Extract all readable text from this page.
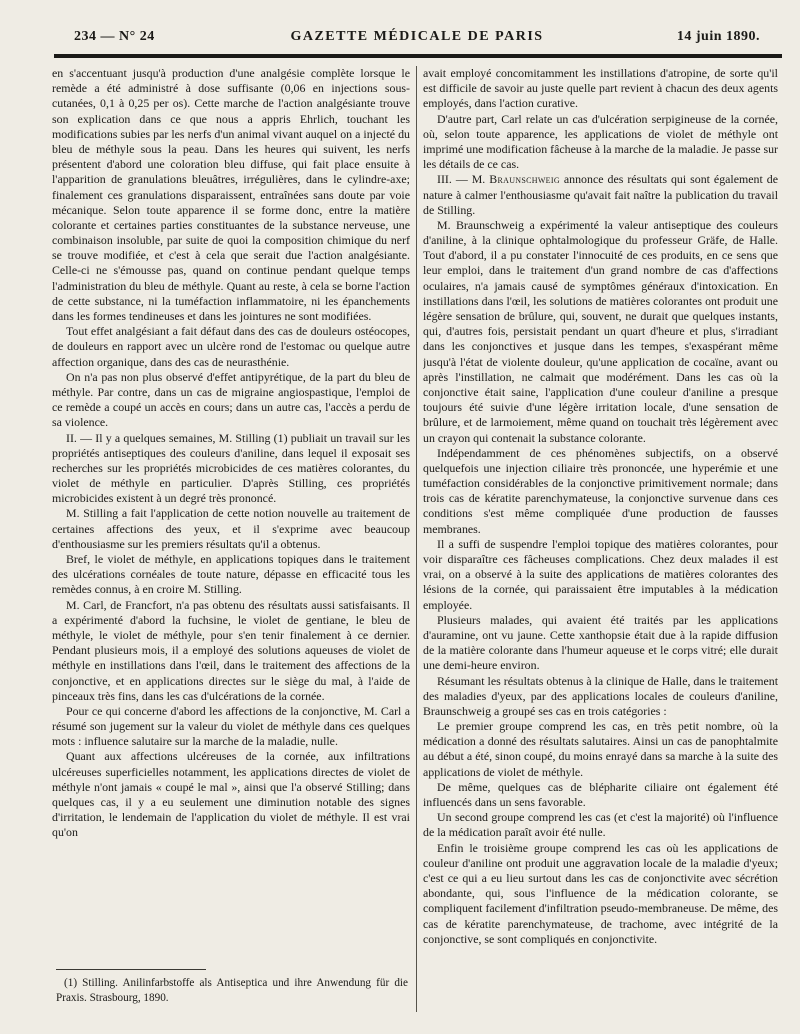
234 — N° 24	GAZETTE MÉDICALE DE PARIS	14 juin 1890.

en s'accentuant jusqu'à production d'une analgésie complète lorsque le remède a été administré à dose suffisante (0,06 en injections sous-cutanées, 0,1 à 0,25 per os). Cette marche de l'action analgésiante trouve son explication dans ce que nous a appris Ehrlich, touchant les modifications subies par les nerfs d'un animal vivant auquel on a injecté du bleu de méthyle sous la peau. Dans les heures qui suivent, les nerfs présentent d'abord une coloration bleu diffuse, qui fait place ensuite à l'apparition de granulations bleuâtres, irrégulières, dans le cylindre-axe; finalement ces granulations disparaissent, entraînées sans doute par voie mécanique. Selon toute apparence il se forme donc, entre la matière colorante et certaines parties constituantes de la substance nerveuse, une combinaison insoluble, par suite de quoi la composition chimique du nerf se trouve modifiée, et c'est à cela que serait due l'action analgésiante. Celle-ci ne s'émousse pas, quand on continue pendant quelque temps l'administration du bleu de méthyle. Quant au reste, à cela se borne l'action de cette substance, ni la tuméfaction inflammatoire, ni les épanchements dans les formes tendineuses et dans les jointures ne sont modifiées.

Tout effet analgésiant a fait défaut dans des cas de douleurs ostéocopes, de douleurs en rapport avec un ulcère rond de l'estomac ou quelque autre affection organique, dans des cas de neurasthénie.

On n'a pas non plus observé d'effet antipyrétique, de la part du bleu de méthyle. Par contre, dans un cas de migraine angiospastique, l'emploi de ce remède a coupé un accès en cours; dans un autre cas, l'accès a perdu de sa violence.

II. — Il y a quelques semaines, M. Stilling (1) publiait un travail sur les propriétés antiseptiques des couleurs d'aniline, dans lequel il exposait ses recherches sur les propriétés microbicides de ces matières colorantes, du violet de méthyle en particulier. D'après Stilling, ces propriétés microbicides existent à un degré très prononcé.

M. Stilling a fait l'application de cette notion nouvelle au traitement de certaines affections des yeux, et il s'exprime avec beaucoup d'enthousiasme sur les premiers résultats qu'il a obtenus.

Bref, le violet de méthyle, en applications topiques dans le traitement des ulcérations cornéales de toute nature, dépasse en efficacité tous les remèdes connus, à en croire M. Stilling.

M. Carl, de Francfort, n'a pas obtenu des résultats aussi satisfaisants. Il a expérimenté d'abord la fuchsine, le violet de gentiane, le bleu de méthyle, le violet de méthyle, pour s'en tenir finalement à ce dernier. Pendant plusieurs mois, il a employé des solutions aqueuses de violet de méthyle en instillations dans l'œil, dans le traitement des affections de la conjonctive, et en applications directes sur le siège du mal, à l'aide de pinceaux très fins, dans les cas d'ulcérations de la cornée.

Pour ce qui concerne d'abord les affections de la conjonctive, M. Carl a résumé son jugement sur la valeur du violet de méthyle dans ces quelques mots : influence salutaire sur la marche de la maladie, nulle.

Quant aux affections ulcéreuses de la cornée, aux infiltrations ulcéreuses superficielles notamment, les applications directes de violet de méthyle n'ont jamais « coupé le mal », ainsi que l'a observé Stilling; dans quelques cas, il y a eu seulement une diminution notable des signes d'irritation, le lendemain de l'application du violet de méthyle. Il est vrai qu'on

avait employé concomitamment les instillations d'atropine, de sorte qu'il est difficile de savoir au juste quelle part revient à chacun des deux agents employés, dans l'action curative.

D'autre part, Carl relate un cas d'ulcération serpigineuse de la cornée, où, selon toute apparence, les applications de violet de méthyle ont imprimé une modification fâcheuse à la marche de la maladie. Je passe sur les détails de ce cas.

III. — M. Braunschweig annonce des résultats qui sont également de nature à calmer l'enthousiasme qu'avait fait naître la publication du travail de Stilling.

M. Braunschweig a expérimenté la valeur antiseptique des couleurs d'aniline, à la clinique ophtalmologique du professeur Gräfe, de Halle. Tout d'abord, il a pu constater l'innocuité de ces produits, en ce sens que leur emploi, dans le traitement d'un grand nombre de cas d'affections oculaires, n'a jamais causé de symptômes généraux d'intoxication. En instillations dans l'œil, les solutions de matières colorantes ont produit une légère sensation de brûlure, qui, souvent, ne durait que quelques instants, qui, d'autres fois, persistait pendant un quart d'heure et plus, s'irradiant dans les conjonctives et jusque dans les tempes, s'exaspérant même jusqu'à l'état de violente douleur, qu'une application de cocaïne, avant ou après l'instillation, ne calmait que modérément. Dans les cas où la conjonctive était saine, l'application d'une couleur d'aniline a presque toujours été suivie d'une légère irritation locale, d'une sensation de brûlure, et de larmoiement, même quand on touchait très légèrement avec un crayon qui contenait la substance colorante.

Indépendamment de ces phénomènes subjectifs, on a observé quelquefois une injection ciliaire très prononcée, une hyperémie et une tuméfaction considérables de la conjonctive primitivement normale; dans trois cas de kératite parenchymateuse, la conjonctive survenue dans ces conditions s'est même compliquée d'une production de fausses membranes.

Il a suffi de suspendre l'emploi topique des matières colorantes, pour voir disparaître ces fâcheuses complications. Chez deux malades il est vrai, on a observé à la suite des applications de matières colorantes des lésions de la cornée, qui paraissaient être imputables à la médication employée.

Plusieurs malades, qui avaient été traités par les applications d'auramine, ont vu jaune. Cette xanthopsie était due à la rapide diffusion de la matière colorante dans l'humeur aqueuse et le corps vitré; elle durait une demi-heure environ.

Résumant les résultats obtenus à la clinique de Halle, dans le traitement des maladies d'yeux, par des applications locales de couleurs d'aniline, Braunschweig a groupé ses cas en trois catégories :

Le premier groupe comprend les cas, en très petit nombre, où la médication a donné des résultats salutaires. Ainsi un cas de panophtalmite au début a été, sinon coupé, du moins enrayé dans sa marche à la suite des applications de violet de méthyle.

De même, quelques cas de blépharite ciliaire ont également été influencés dans un sens favorable.

Un second groupe comprend les cas (et c'est la majorité) où l'influence de la médication paraît avoir été nulle.

Enfin le troisième groupe comprend les cas où les applications de couleur d'aniline ont produit une aggravation locale de la maladie d'yeux; c'est ce qui a eu lieu surtout dans les cas de conjonctivite avec sécrétion abondante, qui, sous l'influence de la médication colorante, se compliquent facilement d'infiltration pseudo-membraneuse. De même, des cas de kératite parenchymateuse, de trachome, avec intégrité de la conjonctive, se sont compliqués en conjonctivite.

(1) Stilling. Anilinfarbstoffe als Antiseptica und ihre Anwendung für die Praxis. Strasbourg, 1890.
